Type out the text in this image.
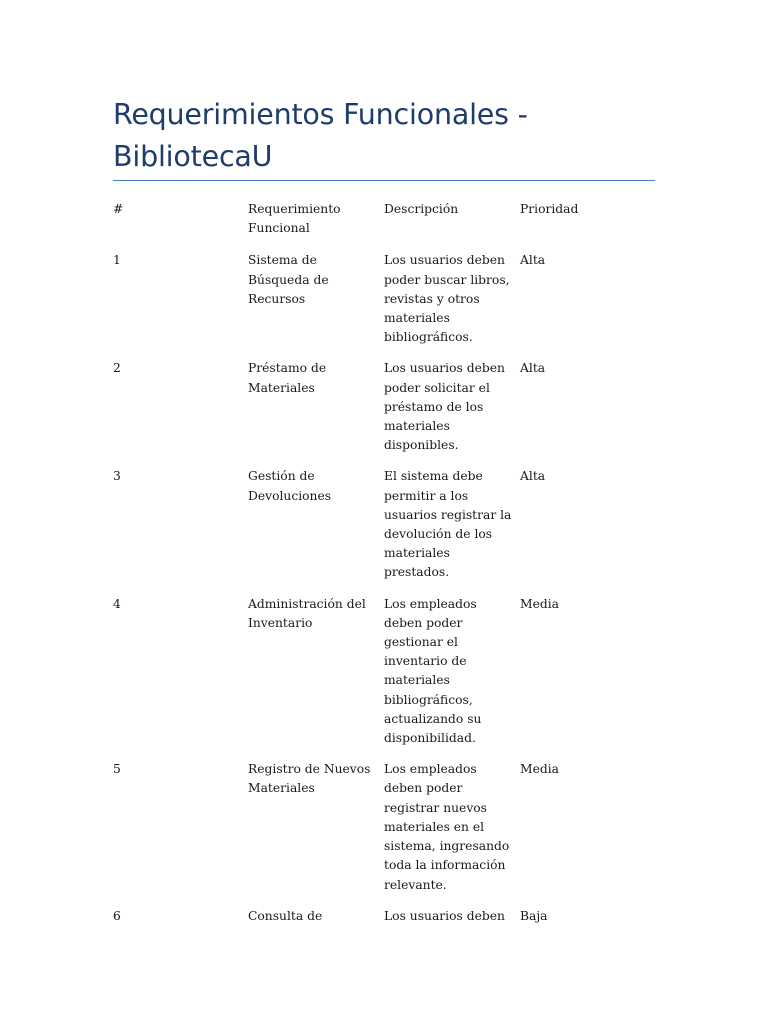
Requerimientos Funcionales - BibliotecaU
#	Requerimiento Funcional	Descripción	Prioridad
1	Sistema de Búsqueda de Recursos	Los usuarios deben poder buscar libros, revistas y otros materiales bibliográficos.	Alta
2	Préstamo de Materiales	Los usuarios deben poder solicitar el préstamo de los materiales disponibles.	Alta
3	Gestión de Devoluciones	El sistema debe permitir a los usuarios registrar la devolución de los materiales prestados.	Alta
4	Administración del Inventario	Los empleados deben poder gestionar el inventario de materiales bibliográficos, actualizando su disponibilidad.	Media
5	Registro de Nuevos Materiales	Los empleados deben poder registrar nuevos materiales en el sistema, ingresando toda la información relevante.	Media
6	Consulta de	Los usuarios deben	Baja
